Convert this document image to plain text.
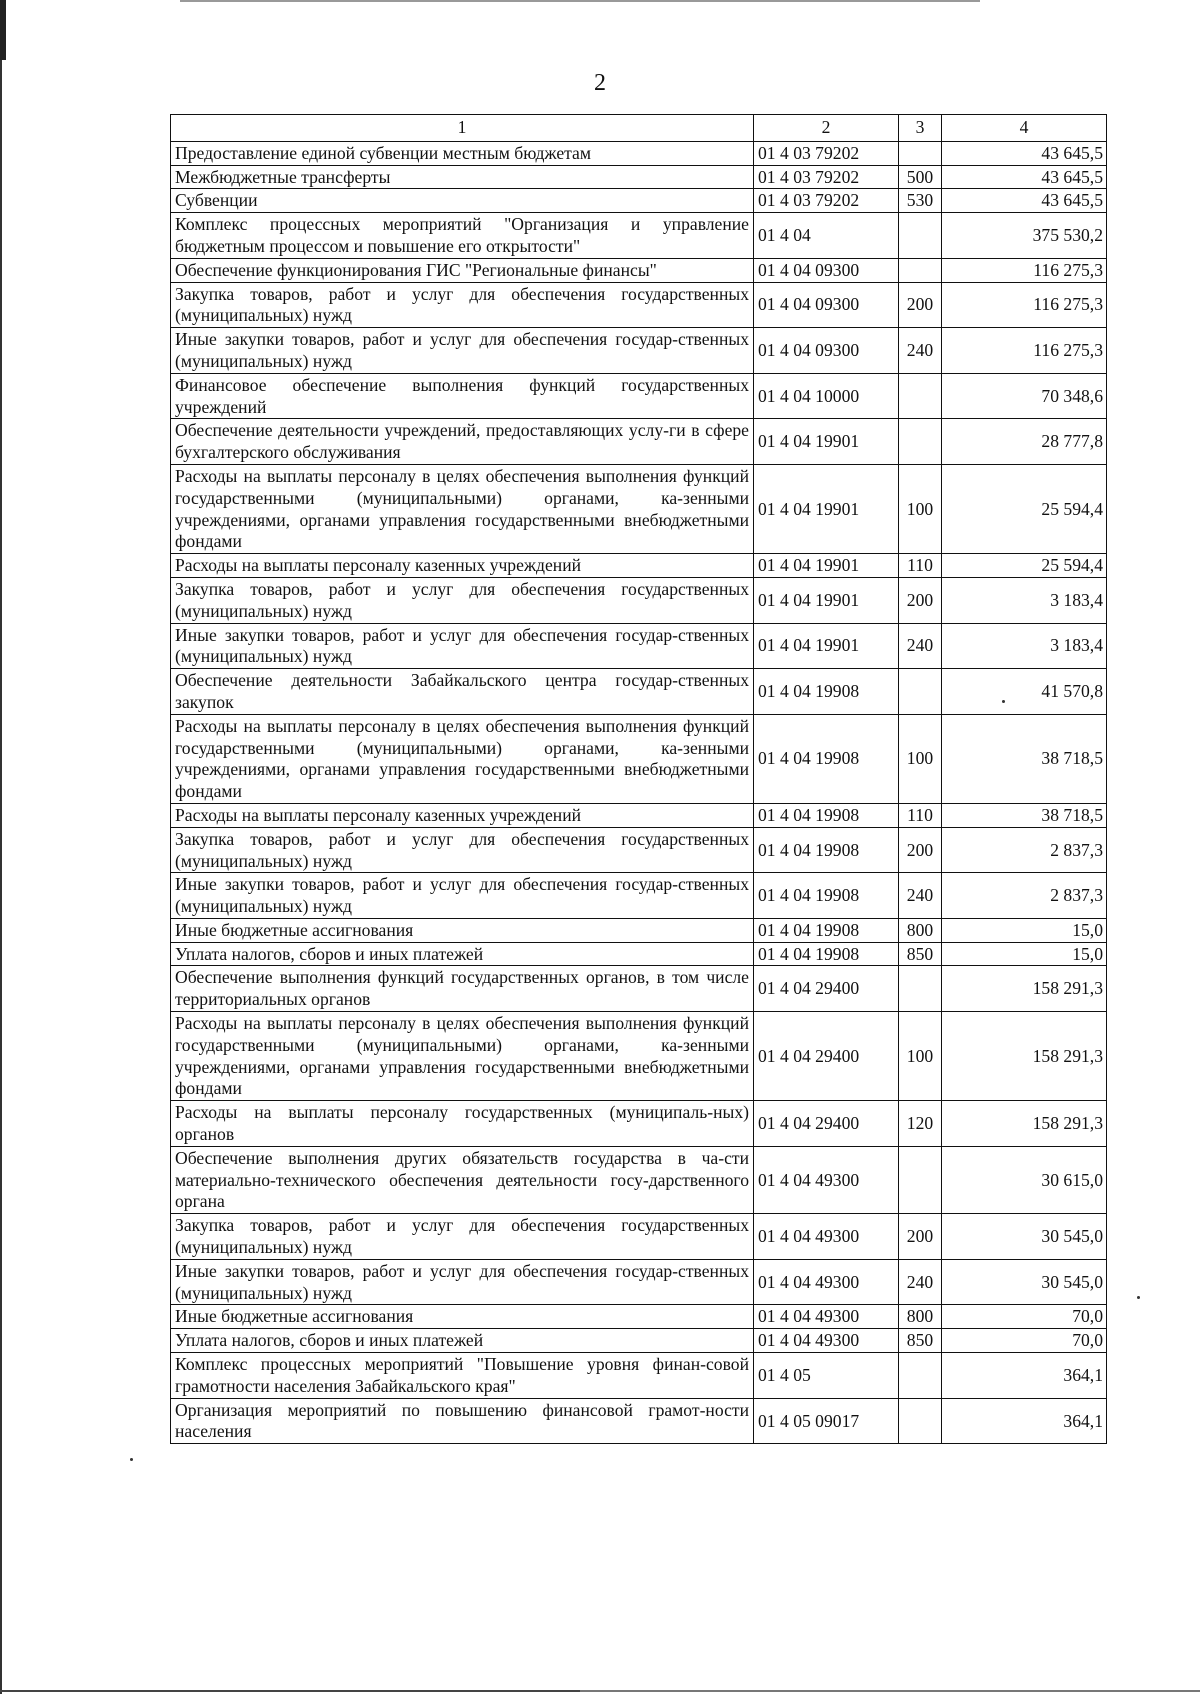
2
1	2	3	4
Предоставление единой субвенции местным бюджетам	01 4 03 79202		43 645,5
Межбюджетные трансферты	01 4 03 79202	500	43 645,5
Субвенции	01 4 03 79202	530	43 645,5
Комплекс процессных мероприятий "Организация и управление бюджетным процессом и повышение его открытости"	01 4 04		375 530,2
Обеспечение функционирования ГИС "Региональные финансы"	01 4 04 09300		116 275,3
Закупка товаров, работ и услуг для обеспечения государственных (муниципальных) нужд	01 4 04 09300	200	116 275,3
Иные закупки товаров, работ и услуг для обеспечения государ-ственных (муниципальных) нужд	01 4 04 09300	240	116 275,3
Финансовое обеспечение выполнения функций государственных учреждений	01 4 04 10000		70 348,6
Обеспечение деятельности учреждений, предоставляющих услу-ги в сфере бухгалтерского обслуживания	01 4 04 19901		28 777,8
Расходы на выплаты персоналу в целях обеспечения выполнения функций государственными (муниципальными) органами, ка-зенными учреждениями, органами управления государственными внебюджетными фондами	01 4 04 19901	100	25 594,4
Расходы на выплаты персоналу казенных учреждений	01 4 04 19901	110	25 594,4
Закупка товаров, работ и услуг для обеспечения государственных (муниципальных) нужд	01 4 04 19901	200	3 183,4
Иные закупки товаров, работ и услуг для обеспечения государ-ственных (муниципальных) нужд	01 4 04 19901	240	3 183,4
Обеспечение деятельности Забайкальского центра государ-ственных закупок	01 4 04 19908		41 570,8
Расходы на выплаты персоналу в целях обеспечения выполнения функций государственными (муниципальными) органами, ка-зенными учреждениями, органами управления государственными внебюджетными фондами	01 4 04 19908	100	38 718,5
Расходы на выплаты персоналу казенных учреждений	01 4 04 19908	110	38 718,5
Закупка товаров, работ и услуг для обеспечения государственных (муниципальных) нужд	01 4 04 19908	200	2 837,3
Иные закупки товаров, работ и услуг для обеспечения государ-ственных (муниципальных) нужд	01 4 04 19908	240	2 837,3
Иные бюджетные ассигнования	01 4 04 19908	800	15,0
Уплата налогов, сборов и иных платежей	01 4 04 19908	850	15,0
Обеспечение выполнения функций государственных органов, в том числе территориальных органов	01 4 04 29400		158 291,3
Расходы на выплаты персоналу в целях обеспечения выполнения функций государственными (муниципальными) органами, ка-зенными учреждениями, органами управления государственными внебюджетными фондами	01 4 04 29400	100	158 291,3
Расходы на выплаты персоналу государственных (муниципаль-ных) органов	01 4 04 29400	120	158 291,3
Обеспечение выполнения других обязательств государства в ча-сти материально-технического обеспечения деятельности госу-дарственного органа	01 4 04 49300		30 615,0
Закупка товаров, работ и услуг для обеспечения государственных (муниципальных) нужд	01 4 04 49300	200	30 545,0
Иные закупки товаров, работ и услуг для обеспечения государ-ственных (муниципальных) нужд	01 4 04 49300	240	30 545,0
Иные бюджетные ассигнования	01 4 04 49300	800	70,0
Уплата налогов, сборов и иных платежей	01 4 04 49300	850	70,0
Комплекс процессных мероприятий "Повышение уровня финан-совой грамотности населения Забайкальского края"	01 4 05		364,1
Организация мероприятий по повышению финансовой грамот-ности населения	01 4 05 09017		364,1
